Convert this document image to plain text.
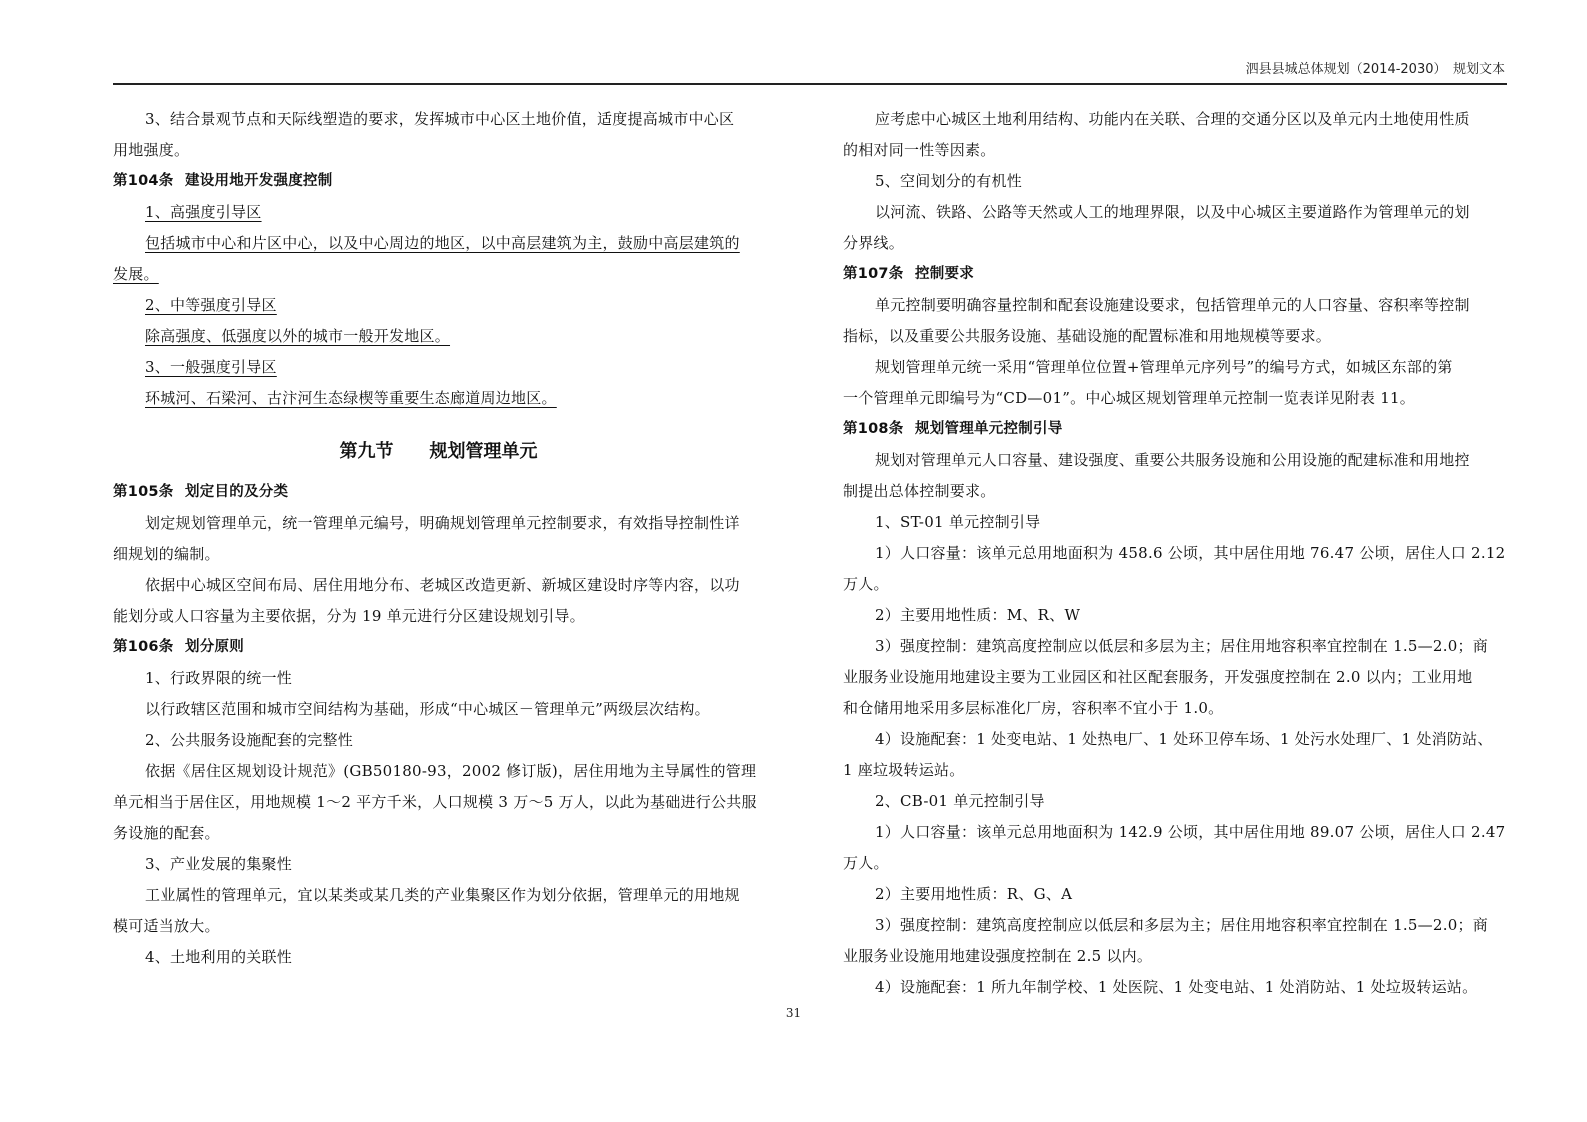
泗县县城总体规划（2014-2030）　规划文本
3、结合景观节点和天际线塑造的要求，发挥城市中心区土地价值，适度提高城市中心区
用地强度。
第104条 建设用地开发强度控制
1、高强度引导区
包括城市中心和片区中心，以及中心周边的地区，以中高层建筑为主，鼓励中高层建筑的
发展。
2、中等强度引导区
除高强度、低强度以外的城市一般开发地区。
3、一般强度引导区
环城河、石梁河、古汴河生态绿楔等重要生态廊道周边地区。
第九节 规划管理单元
第105条 划定目的及分类
划定规划管理单元，统一管理单元编号，明确规划管理单元控制要求，有效指导控制性详
细规划的编制。
依据中心城区空间布局、居住用地分布、老城区改造更新、新城区建设时序等内容，以功
能划分或人口容量为主要依据，分为 19 单元进行分区建设规划引导。
第106条 划分原则
1、行政界限的统一性
以行政辖区范围和城市空间结构为基础，形成“中心城区－管理单元”两级层次结构。
2、公共服务设施配套的完整性
依据《居住区规划设计规范》(GB50180-93，2002 修订版)，居住用地为主导属性的管理
单元相当于居住区，用地规模 1～2 平方千米，人口规模 3 万～5 万人，以此为基础进行公共服
务设施的配套。
3、产业发展的集聚性
工业属性的管理单元，宜以某类或某几类的产业集聚区作为划分依据，管理单元的用地规
模可适当放大。
4、土地利用的关联性
应考虑中心城区土地利用结构、功能内在关联、合理的交通分区以及单元内土地使用性质
的相对同一性等因素。
5、空间划分的有机性
以河流、铁路、公路等天然或人工的地理界限，以及中心城区主要道路作为管理单元的划
分界线。
第107条 控制要求
单元控制要明确容量控制和配套设施建设要求，包括管理单元的人口容量、容积率等控制
指标，以及重要公共服务设施、基础设施的配置标准和用地规模等要求。
规划管理单元统一采用“管理单位位置+管理单元序列号”的编号方式，如城区东部的第
一个管理单元即编号为“CD—01”。中心城区规划管理单元控制一览表详见附表 11。
第108条 规划管理单元控制引导
规划对管理单元人口容量、建设强度、重要公共服务设施和公用设施的配建标准和用地控
制提出总体控制要求。
1、ST-01 单元控制引导
1）人口容量：该单元总用地面积为 458.6 公顷，其中居住用地 76.47 公顷，居住人口 2.12
万人。
2）主要用地性质：M、R、W
3）强度控制：建筑高度控制应以低层和多层为主；居住用地容积率宜控制在 1.5—2.0；商
业服务业设施用地建设主要为工业园区和社区配套服务，开发强度控制在 2.0 以内；工业用地
和仓储用地采用多层标准化厂房，容积率不宜小于 1.0。
4）设施配套：1 处变电站、1 处热电厂、1 处环卫停车场、1 处污水处理厂、1 处消防站、
1 座垃圾转运站。
2、CB-01 单元控制引导
1）人口容量：该单元总用地面积为 142.9 公顷，其中居住用地 89.07 公顷，居住人口 2.47
万人。
2）主要用地性质：R、G、A
3）强度控制：建筑高度控制应以低层和多层为主；居住用地容积率宜控制在 1.5—2.0；商
业服务业设施用地建设强度控制在 2.5 以内。
4）设施配套：1 所九年制学校、1 处医院、1 处变电站、1 处消防站、1 处垃圾转运站。
31
